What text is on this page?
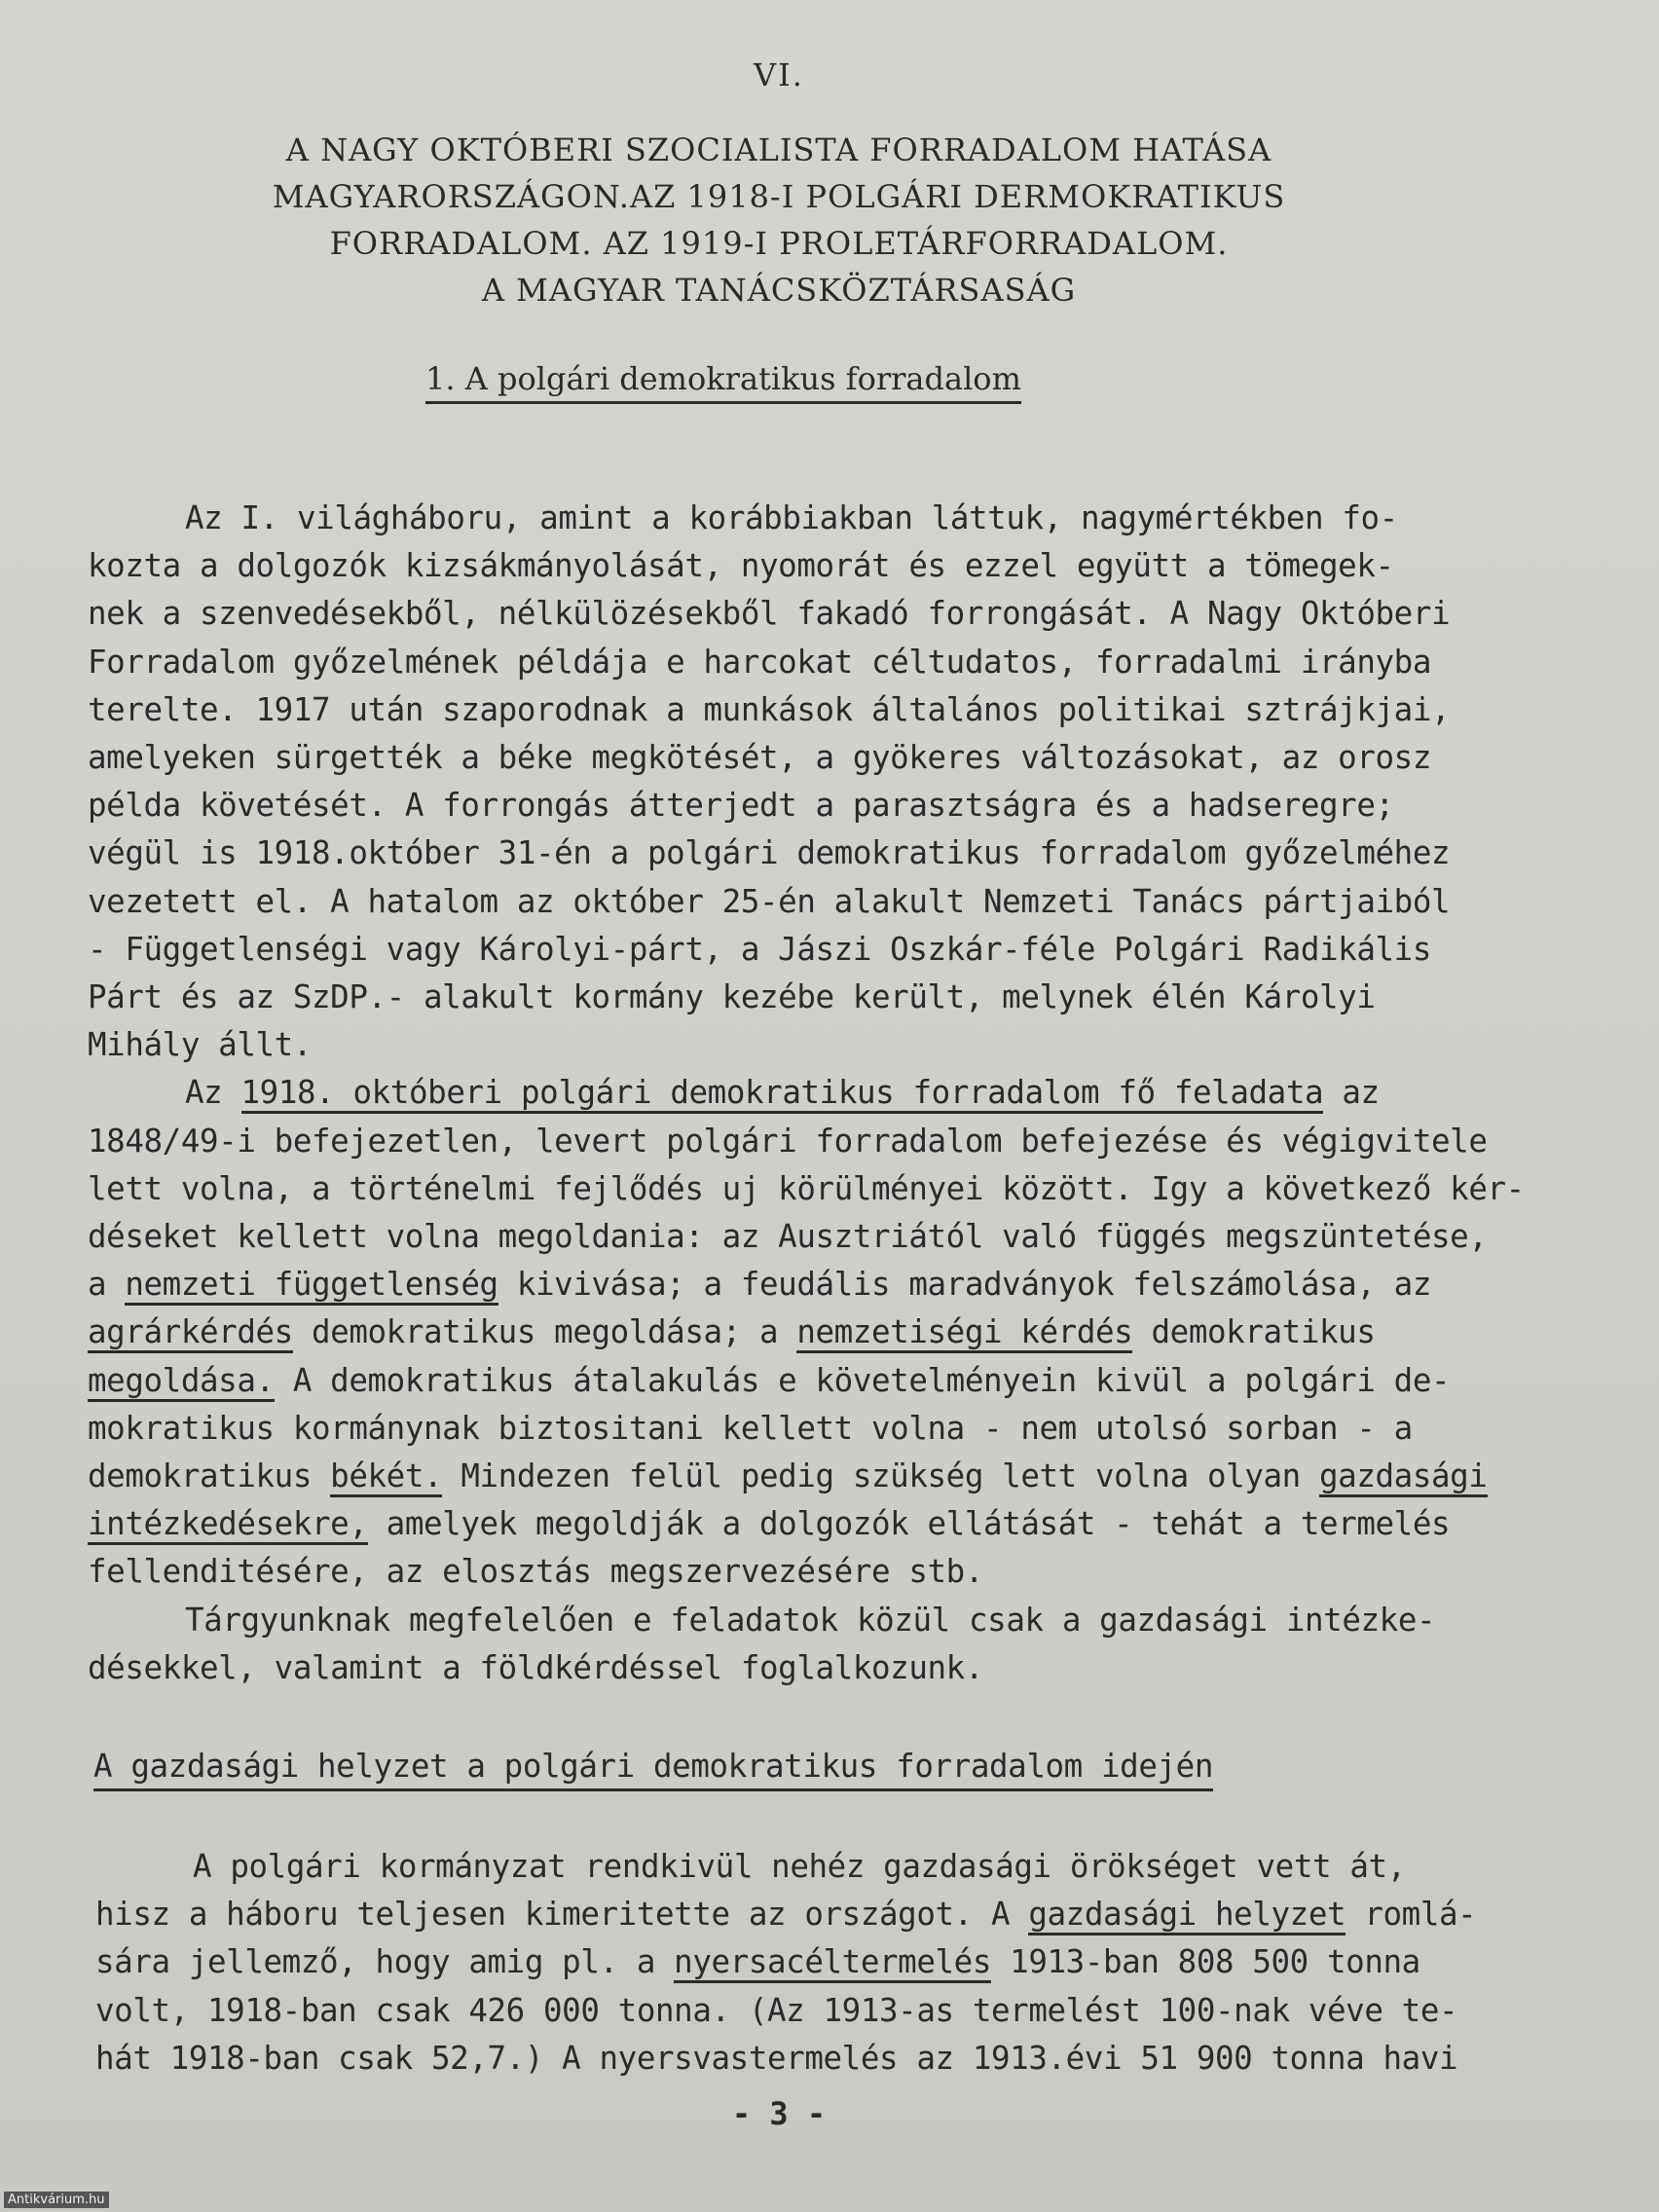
VI.
A NAGY OKTÓBERI SZOCIALISTA FORRADALOM HATÁSA
MAGYARORSZÁGON.AZ 1918-I POLGÁRI DERMOKRATIKUS
FORRADALOM. AZ 1919-I PROLETÁRFORRADALOM.
A MAGYAR TANÁCSKÖZTÁRSASÁG
1. A polgári demokratikus forradalom
Az I. világháboru, amint a korábbiakban láttuk, nagymértékben fo-
kozta a dolgozók kizsákmányolását, nyomorát és ezzel együtt a tömegek-
nek a szenvedésekből, nélkülözésekből fakadó forrongását. A Nagy Októberi
Forradalom győzelmének példája e harcokat céltudatos, forradalmi irányba
terelte. 1917 után szaporodnak a munkások általános politikai sztrájkjai,
amelyeken sürgették a béke megkötését, a gyökeres változásokat, az orosz
példa követését. A forrongás átterjedt a parasztságra és a hadseregre;
végül is 1918.október 31-én a polgári demokratikus forradalom győzelméhez
vezetett el. A hatalom az október 25-én alakult Nemzeti Tanács pártjaiból
- Függetlenségi vagy Károlyi-párt, a Jászi Oszkár-féle Polgári Radikális
Párt és az SzDP.- alakult kormány kezébe került, melynek élén Károlyi
Mihály állt.
Az 1918. októberi polgári demokratikus forradalom fő feladata az
1848/49-i befejezetlen, levert polgári forradalom befejezése és végigvitele
lett volna, a történelmi fejlődés uj körülményei között. Igy a következő kér-
déseket kellett volna megoldania: az Ausztriától való függés megszüntetése,
a nemzeti függetlenség kivivása; a feudális maradványok felszámolása, az
agrárkérdés demokratikus megoldása; a nemzetiségi kérdés demokratikus
megoldása. A demokratikus átalakulás e követelményein kivül a polgári de-
mokratikus kormánynak biztositani kellett volna - nem utolsó sorban - a
demokratikus békét. Mindezen felül pedig szükség lett volna olyan gazdasági
intézkedésekre, amelyek megoldják a dolgozók ellátását - tehát a termelés
fellenditésére, az elosztás megszervezésére stb.
Tárgyunknak megfelelően e feladatok közül csak a gazdasági intézke-
désekkel, valamint a földkérdéssel foglalkozunk.
A gazdasági helyzet a polgári demokratikus forradalom idején
A polgári kormányzat rendkivül nehéz gazdasági örökséget vett át,
hisz a háboru teljesen kimeritette az országot. A gazdasági helyzet romlá-
sára jellemző, hogy amig pl. a nyersacéltermelés 1913-ban 808 500 tonna
volt, 1918-ban csak 426 000 tonna. (Az 1913-as termelést 100-nak véve te-
hát 1918-ban csak 52,7.) A nyersvastermelés az 1913.évi 51 900 tonna havi
- 3 -
Antikvárium.hu
